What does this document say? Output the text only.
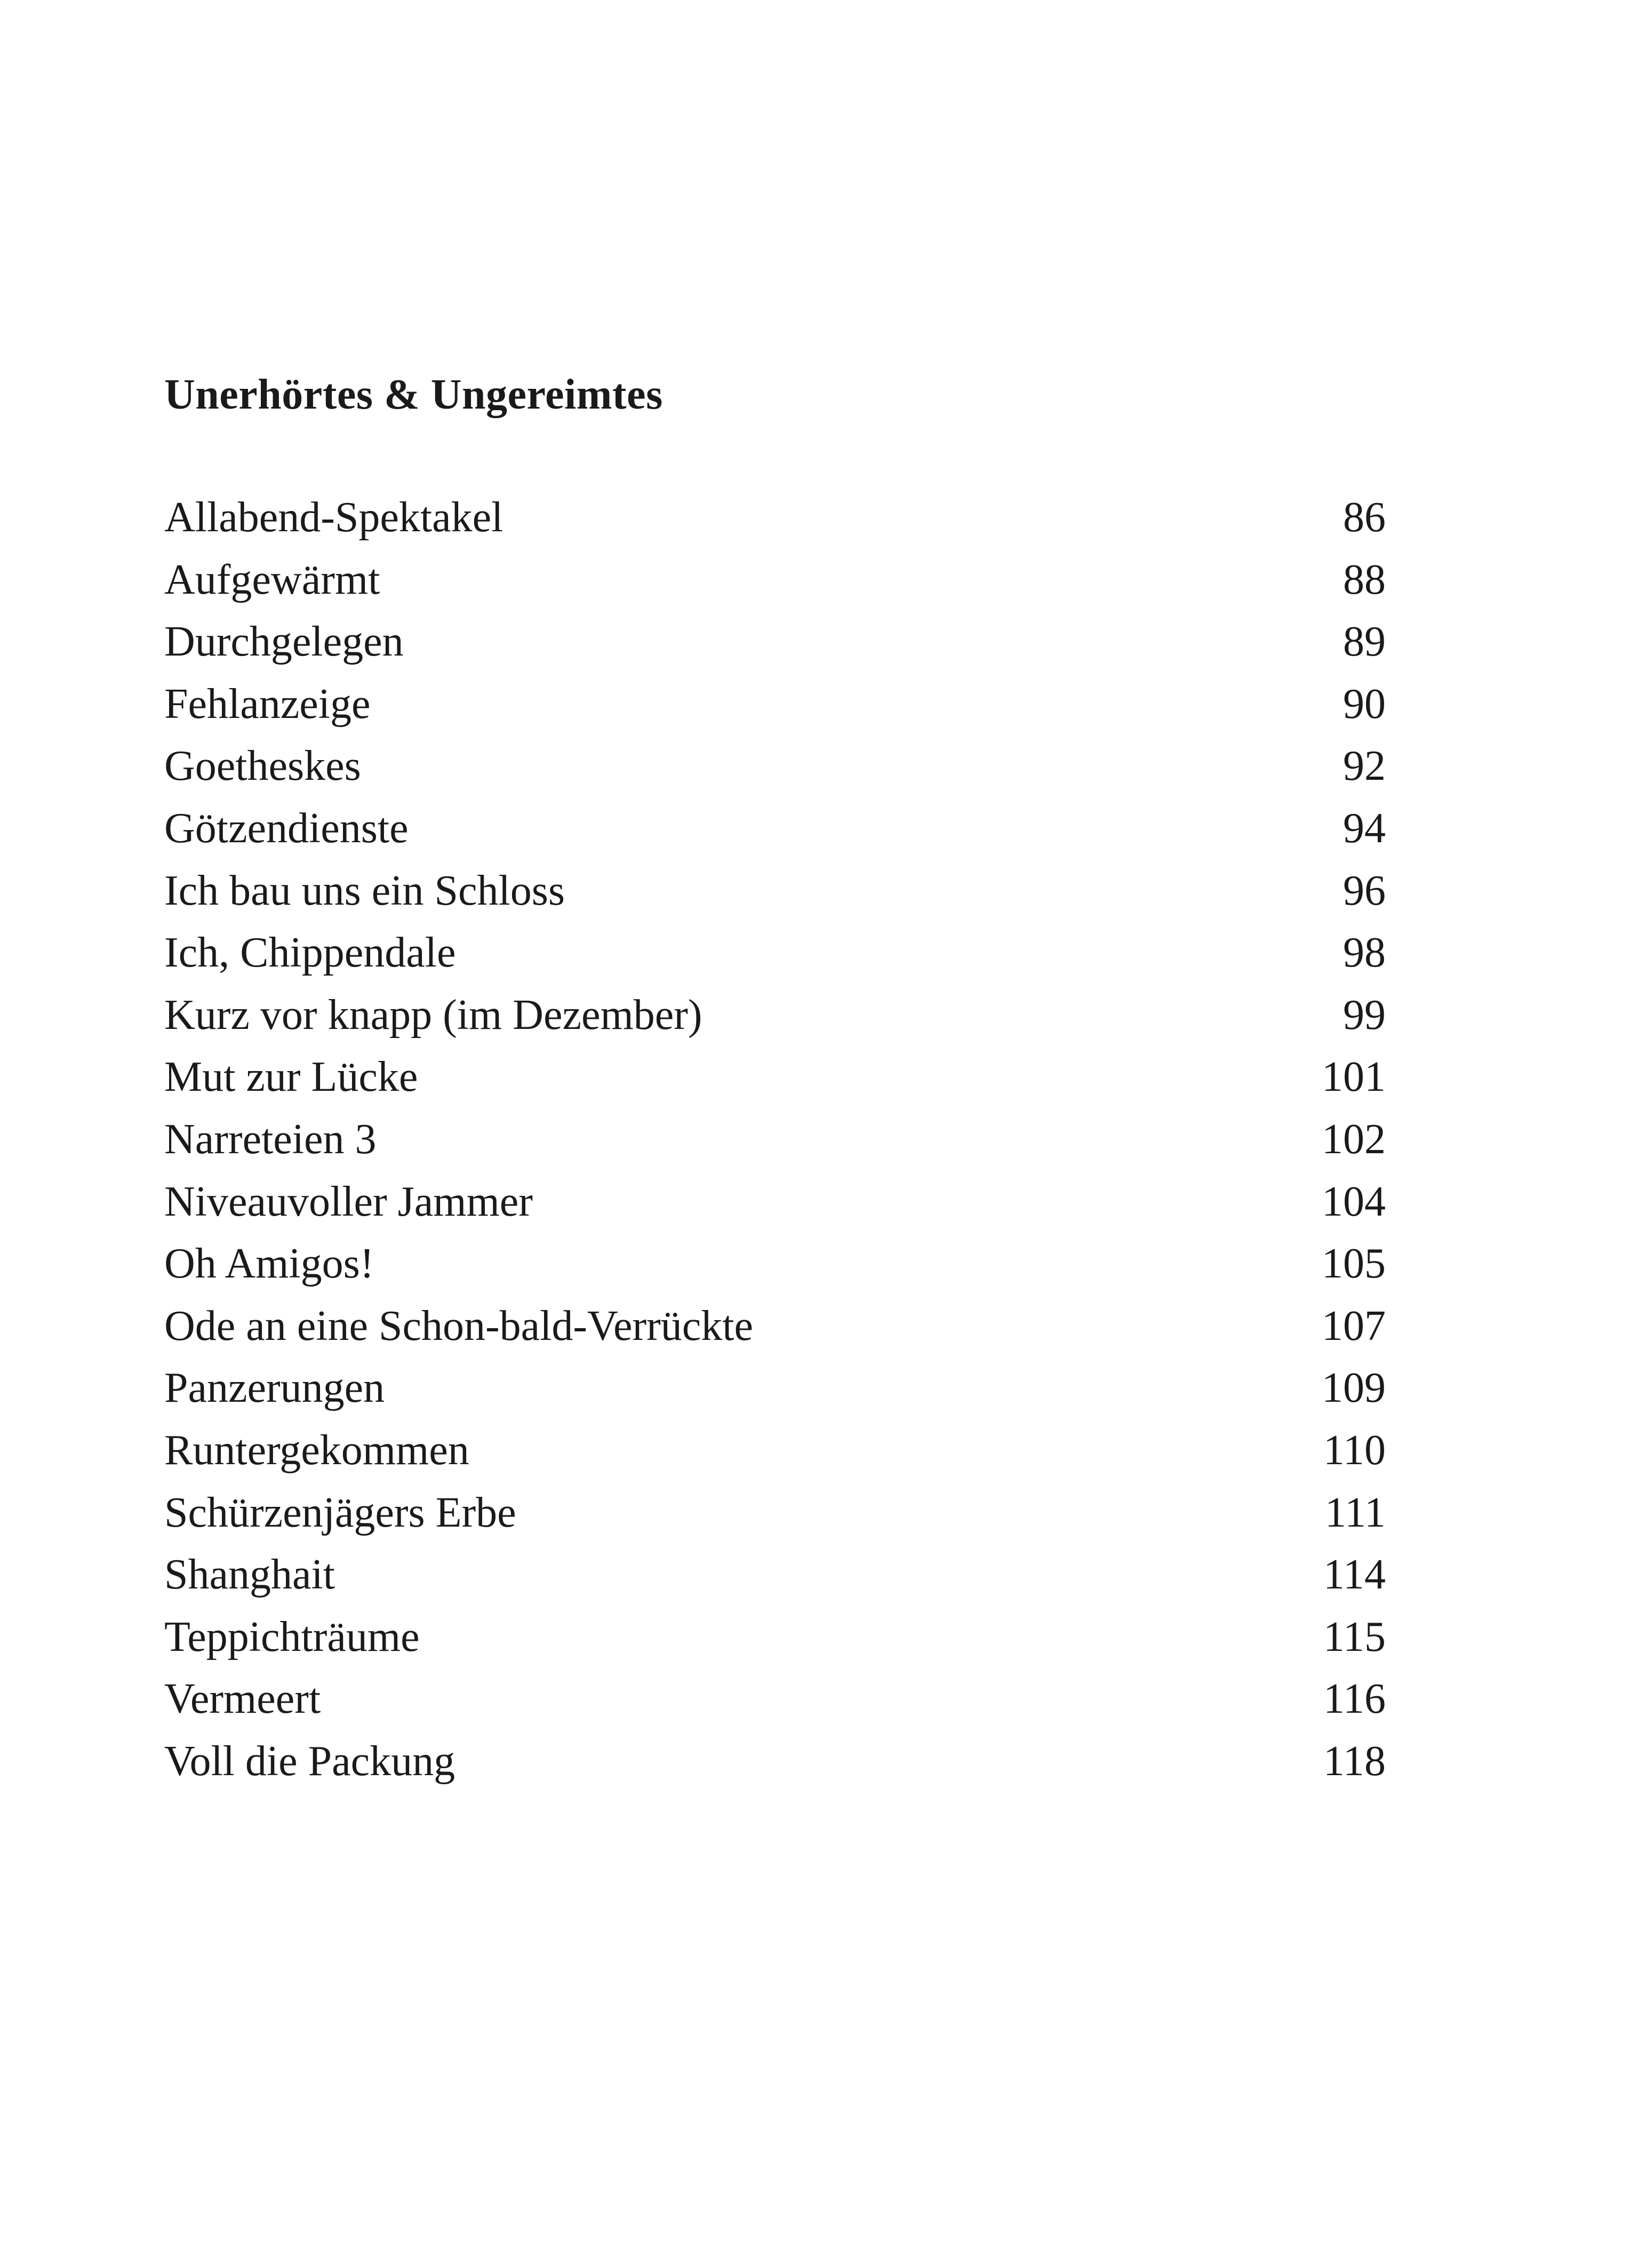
Unerhörtes & Ungereimtes
Allabend-Spektakel	86
Aufgewärmt	88
Durchgelegen	89
Fehlanzeige	90
Goetheskes	92
Götzendienste	94
Ich bau uns ein Schloss	96
Ich, Chippendale	98
Kurz vor knapp (im Dezember)	99
Mut zur Lücke	101
Narreteien 3	102
Niveauvoller Jammer	104
Oh Amigos!	105
Ode an eine Schon-bald-Verrückte	107
Panzerungen	109
Runtergekommen	110
Schürzenjägers Erbe	111
Shanghait	114
Teppichträume	115
Vermeert	116
Voll die Packung	118
